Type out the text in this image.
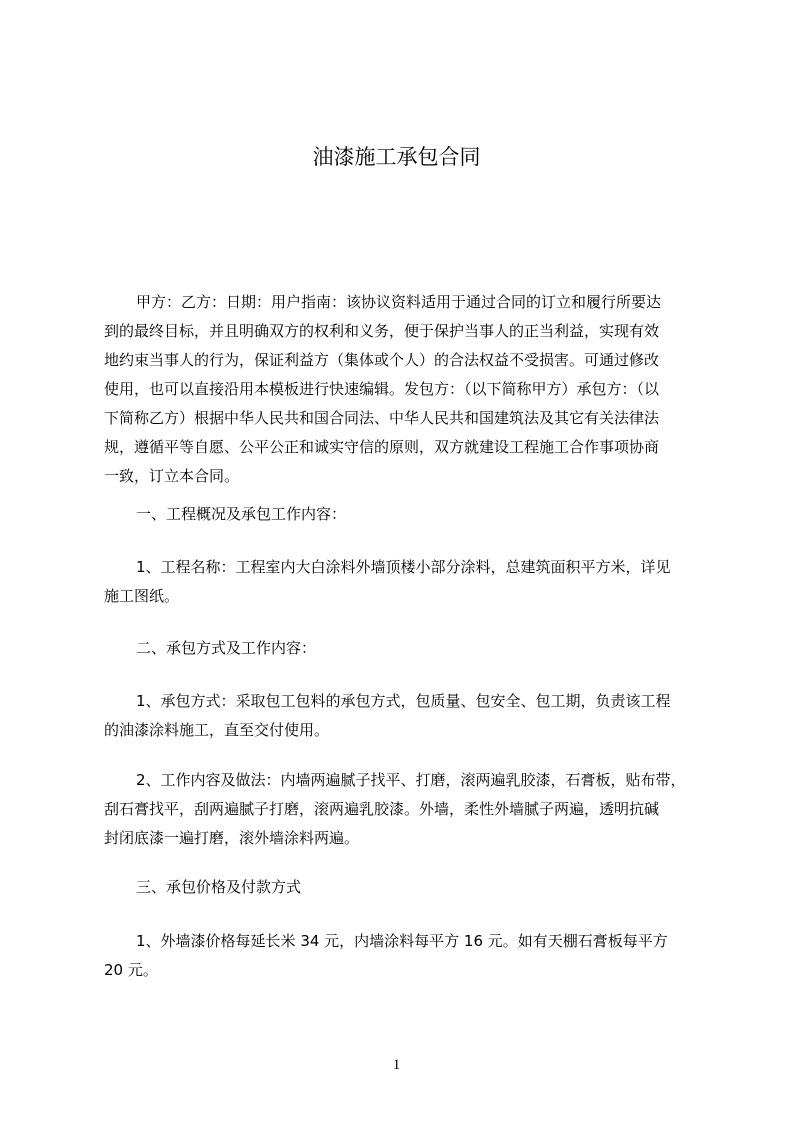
油漆施工承包合同
甲方：乙方：日期：用户指南：该协议资料适用于通过合同的订立和履行所要达
到的最终目标，并且明确双方的权利和义务，便于保护当事人的正当利益，实现有效
地约束当事人的行为，保证利益方（集体或个人）的合法权益不受损害。可通过修改
使用，也可以直接沿用本模板进行快速编辑。发包方：（以下简称甲方）承包方：（以
下简称乙方）根据中华人民共和国合同法、中华人民共和国建筑法及其它有关法律法
规，遵循平等自愿、公平公正和诚实守信的原则，双方就建设工程施工合作事项协商
一致，订立本合同。
一、工程概况及承包工作内容：
1、工程名称：工程室内大白涂料外墙顶楼小部分涂料，总建筑面积平方米，详见
施工图纸。
二、承包方式及工作内容：
1、承包方式：采取包工包料的承包方式，包质量、包安全、包工期，负责该工程
的油漆涂料施工，直至交付使用。
2、工作内容及做法：内墙两遍腻子找平、打磨，滚两遍乳胶漆，石膏板，贴布带，
刮石膏找平，刮两遍腻子打磨，滚两遍乳胶漆。外墙，柔性外墙腻子两遍，透明抗碱
封闭底漆一遍打磨，滚外墙涂料两遍。
三、承包价格及付款方式
1、外墙漆价格每延长米 34 元，内墙涂料每平方 16 元。如有天棚石膏板每平方
20 元。
1
